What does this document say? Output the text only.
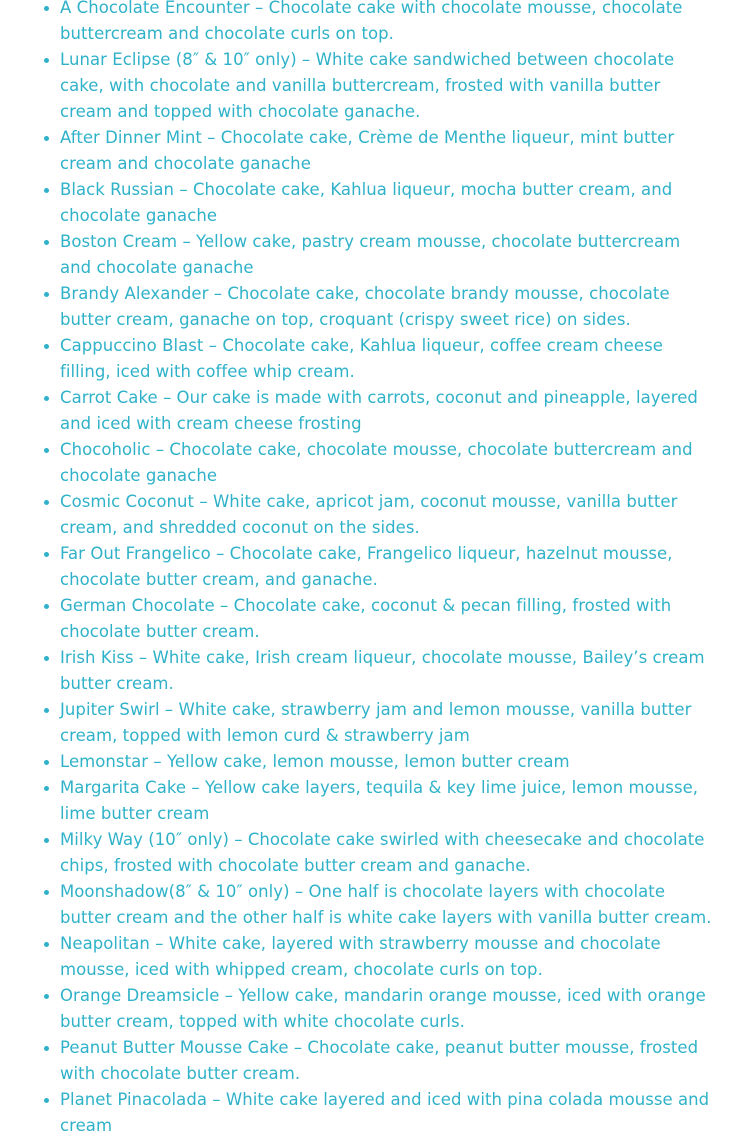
• A Chocolate Encounter – Chocolate cake with chocolate mousse, chocolate buttercream and chocolate curls on top.
• Lunar Eclipse (8″ & 10″ only) – White cake sandwiched between chocolate cake, with chocolate and vanilla buttercream, frosted with vanilla butter cream and topped with chocolate ganache.
• After Dinner Mint – Chocolate cake, Crème de Menthe liqueur, mint butter cream and chocolate ganache
• Black Russian – Chocolate cake, Kahlua liqueur, mocha butter cream, and chocolate ganache
• Boston Cream – Yellow cake, pastry cream mousse, chocolate buttercream and chocolate ganache
• Brandy Alexander – Chocolate cake, chocolate brandy mousse, chocolate butter cream, ganache on top, croquant (crispy sweet rice) on sides.
• Cappuccino Blast – Chocolate cake, Kahlua liqueur, coffee cream cheese filling, iced with coffee whip cream.
• Carrot Cake – Our cake is made with carrots, coconut and pineapple, layered and iced with cream cheese frosting
• Chocoholic – Chocolate cake, chocolate mousse, chocolate buttercream and chocolate ganache
• Cosmic Coconut – White cake, apricot jam, coconut mousse, vanilla butter cream, and shredded coconut on the sides.
• Far Out Frangelico – Chocolate cake, Frangelico liqueur, hazelnut mousse, chocolate butter cream, and ganache.
• German Chocolate – Chocolate cake, coconut & pecan filling, frosted with chocolate butter cream.
• Irish Kiss – White cake, Irish cream liqueur, chocolate mousse, Bailey’s cream butter cream.
• Jupiter Swirl – White cake, strawberry jam and lemon mousse, vanilla butter cream, topped with lemon curd & strawberry jam
• Lemonstar – Yellow cake, lemon mousse, lemon butter cream
• Margarita Cake – Yellow cake layers, tequila & key lime juice, lemon mousse, lime butter cream
• Milky Way (10″ only) – Chocolate cake swirled with cheesecake and chocolate chips, frosted with chocolate butter cream and ganache.
• Moonshadow(8″ & 10″ only) – One half is chocolate layers with chocolate butter cream and the other half is white cake layers with vanilla butter cream.
• Neapolitan – White cake, layered with strawberry mousse and chocolate mousse, iced with whipped cream, chocolate curls on top.
• Orange Dreamsicle – Yellow cake, mandarin orange mousse, iced with orange butter cream, topped with white chocolate curls.
• Peanut Butter Mousse Cake – Chocolate cake, peanut butter mousse, frosted with chocolate butter cream.
• Planet Pinacolada – White cake layered and iced with pina colada mousse and cream
